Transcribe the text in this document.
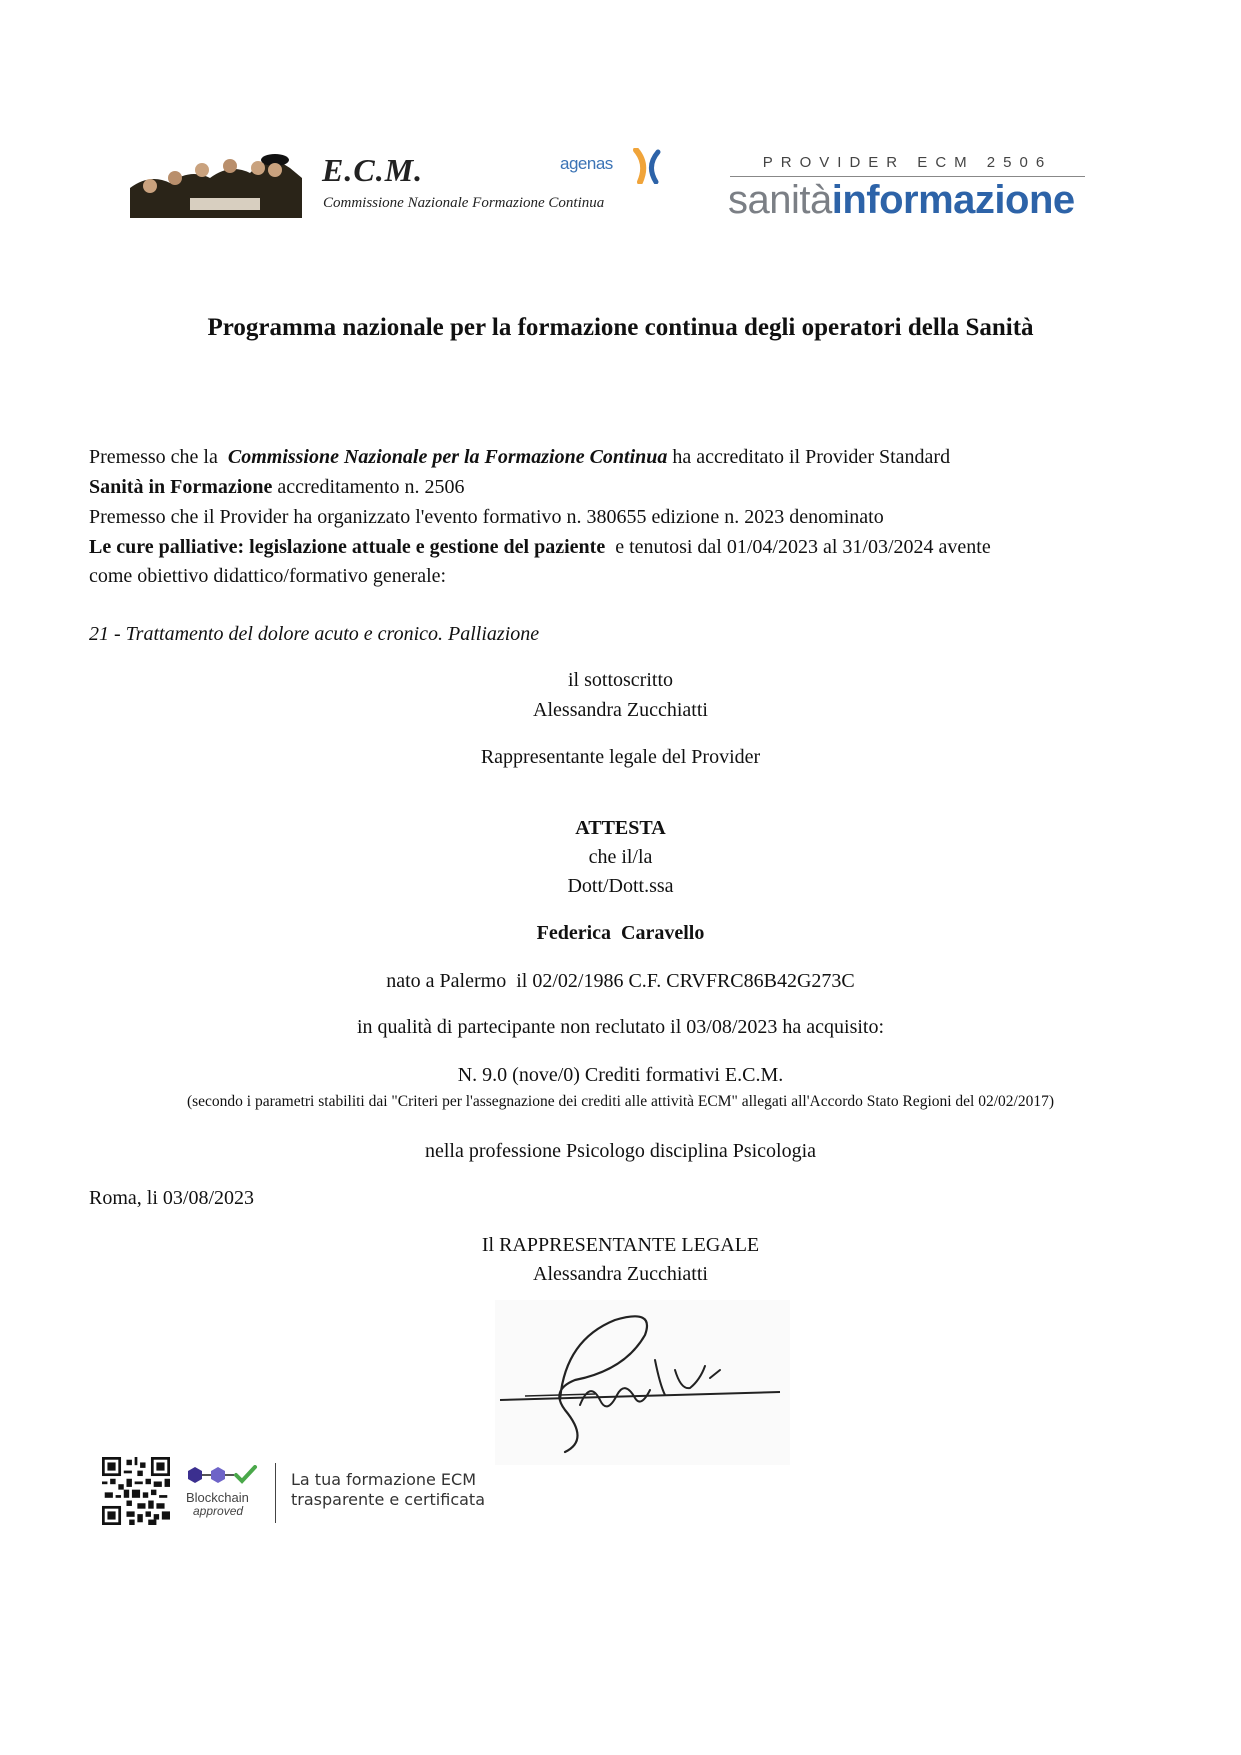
E.C.M.
Commissione Nazionale Formazione Continua
agenas	PROVIDER ECM 2506
sanitàinformazione
Programma nazionale per la formazione continua degli operatori della Sanità
Premesso che la Commissione Nazionale per la Formazione Continua ha accreditato il Provider Standard
Sanità in Formazione accreditamento n. 2506
Premesso che il Provider ha organizzato l'evento formativo n. 380655 edizione n. 2023 denominato
Le cure palliative: legislazione attuale e gestione del paziente e tenutosi dal 01/04/2023 al 31/03/2024 avente
come obiettivo didattico/formativo generale:
21 - Trattamento del dolore acuto e cronico. Palliazione
il sottoscritto
Alessandra Zucchiatti
Rappresentante legale del Provider
ATTESTA
che il/la
Dott/Dott.ssa
Federica  Caravello
nato a Palermo  il 02/02/1986 C.F. CRVFRC86B42G273C
in qualità di partecipante non reclutato il 03/08/2023 ha acquisito:
N. 9.0 (nove/0) Crediti formativi E.C.M.
(secondo i parametri stabiliti dai "Criteri per l'assegnazione dei crediti alle attività ECM" allegati all'Accordo Stato Regioni del 02/02/2017)
nella professione Psicologo disciplina Psicologia
Roma, li 03/08/2023
Il RAPPRESENTANTE LEGALE
Alessandra Zucchiatti
Blockchain
approved
La tua formazione ECM
trasparente e certificata
